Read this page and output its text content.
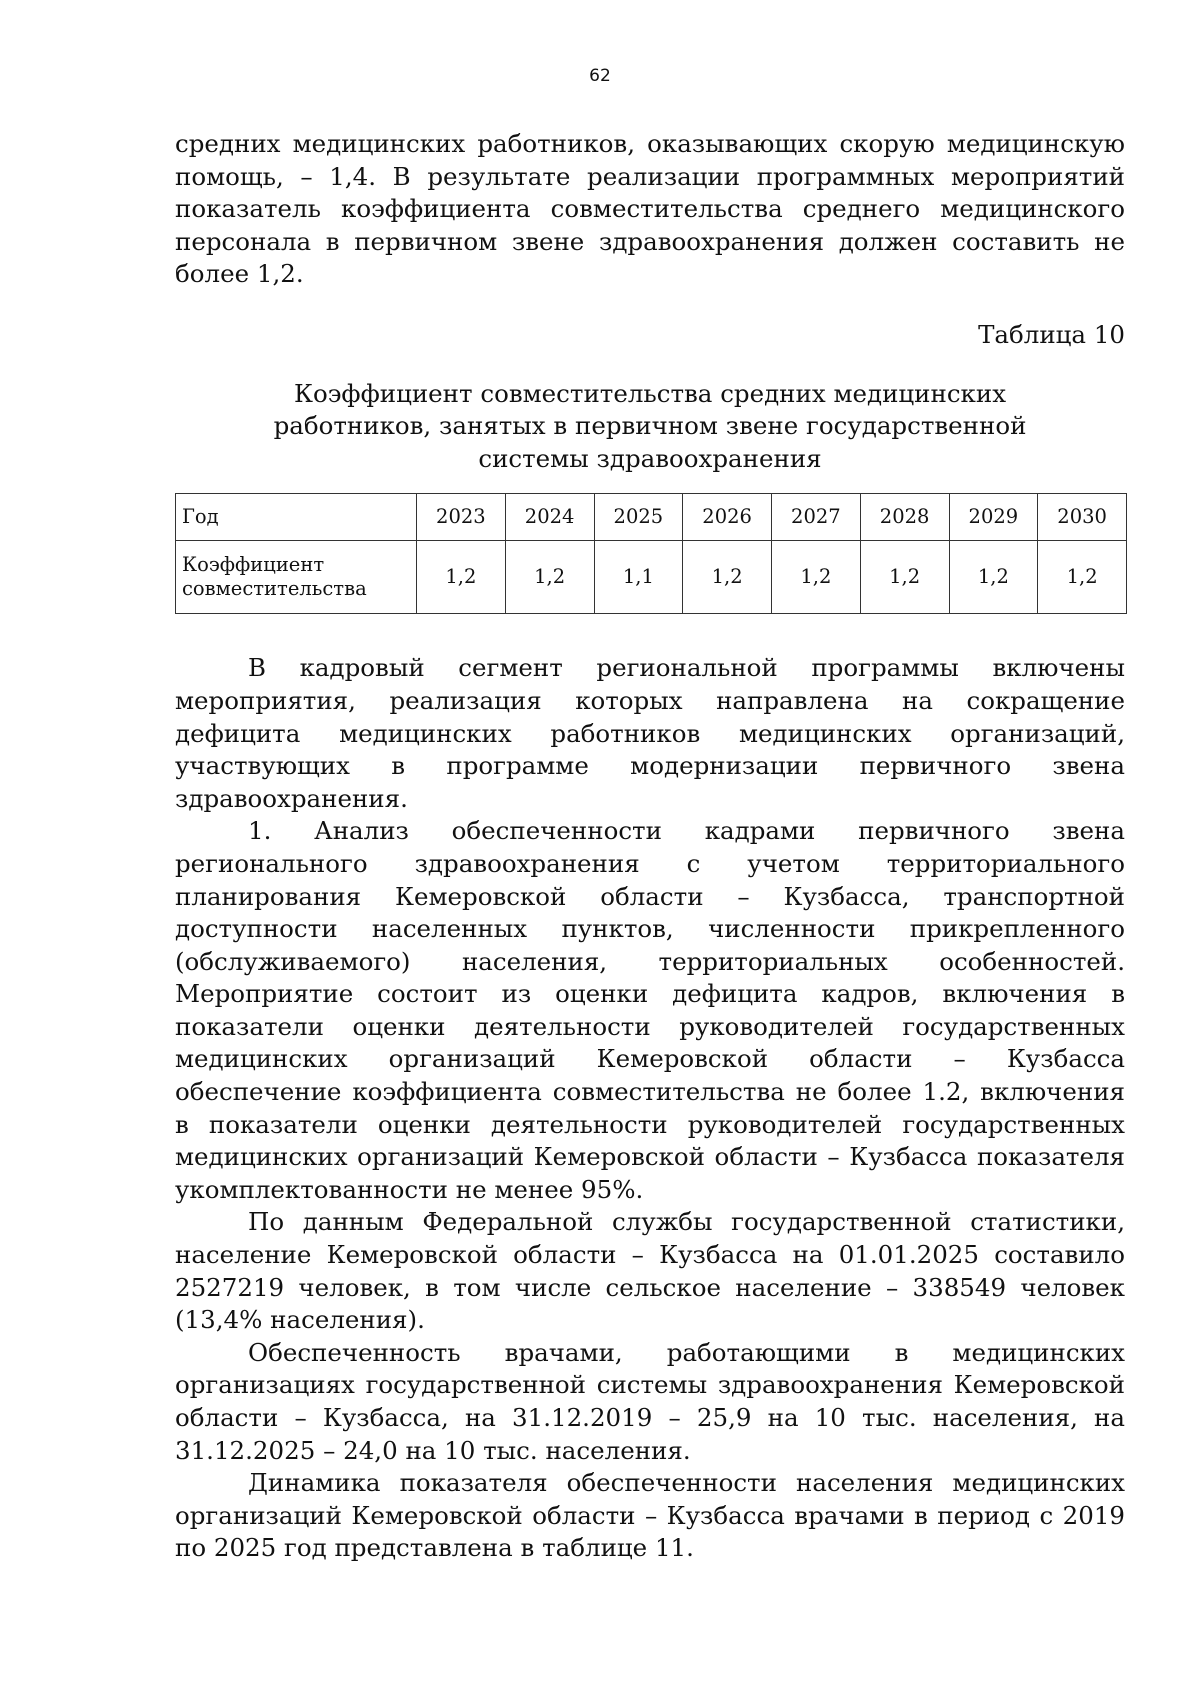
62

средних медицинских работников, оказывающих скорую медицинскую помощь, – 1,4. В результате реализации программных мероприятий показатель коэффициента совместительства среднего медицинского персонала в первичном звене здравоохранения должен составить не более 1,2.

Таблица 10

Коэффициент совместительства средних медицинских работников, занятых в первичном звене государственной системы здравоохранения

Год	2023	2024	2025	2026	2027	2028	2029	2030
Коэффициент совместительства	1,2	1,2	1,1	1,2	1,2	1,2	1,2	1,2

В кадровый сегмент региональной программы включены мероприятия, реализация которых направлена на сокращение дефицита медицинских работников медицинских организаций, участвующих в программе модернизации первичного звена здравоохранения.

1. Анализ обеспеченности кадрами первичного звена регионального здравоохранения с учетом территориального планирования Кемеровской области – Кузбасса, транспортной доступности населенных пунктов, численности прикрепленного (обслуживаемого) населения, территориальных особенностей. Мероприятие состоит из оценки дефицита кадров, включения в показатели оценки деятельности руководителей государственных медицинских организаций Кемеровской области – Кузбасса обеспечение коэффициента совместительства не более 1.2, включения в показатели оценки деятельности руководителей государственных медицинских организаций Кемеровской области – Кузбасса показателя укомплектованности не менее 95%.

По данным Федеральной службы государственной статистики, население Кемеровской области – Кузбасса на 01.01.2025 составило 2527219 человек, в том числе сельское население – 338549 человек (13,4% населения).

Обеспеченность врачами, работающими в медицинских организациях государственной системы здравоохранения Кемеровской области – Кузбасса, на 31.12.2019 – 25,9 на 10 тыс. населения, на 31.12.2025 – 24,0 на 10 тыс. населения.

Динамика показателя обеспеченности населения медицинских организаций Кемеровской области – Кузбасса врачами в период с 2019 по 2025 год представлена в таблице 11.
